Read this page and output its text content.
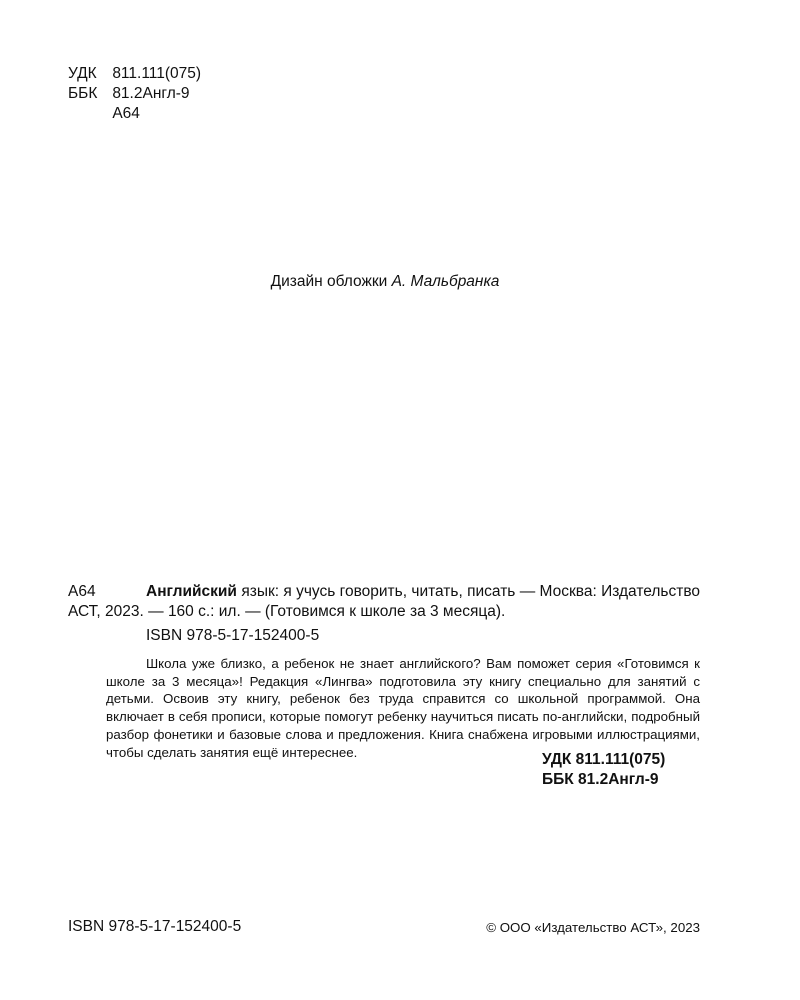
УДК 811.111(075)
ББК 81.2Англ-9
А64
Дизайн обложки А. Мальбранка
А64	Английский язык: я учусь говорить, читать, писать — Москва: Издательство АСТ, 2023. — 160 с.: ил. — (Готовимся к школе за 3 месяца).
ISBN 978-5-17-152400-5
Школа уже близко, а ребенок не знает английского? Вам поможет серия «Готовимся к школе за 3 месяца»! Редакция «Лингва» подготовила эту книгу специально для занятий с детьми. Освоив эту книгу, ребенок без труда справится со школьной программой. Она включает в себя прописи, которые помогут ребенку научиться писать по-английски, подробный разбор фонетики и базовые слова и предложения. Книга снабжена игровыми иллюстрациями, чтобы сделать занятия ещё интереснее.	УДК 811.111(075)
ББК 81.2Англ-9
ISBN 978-5-17-152400-5	© ООО «Издательство АСТ», 2023
